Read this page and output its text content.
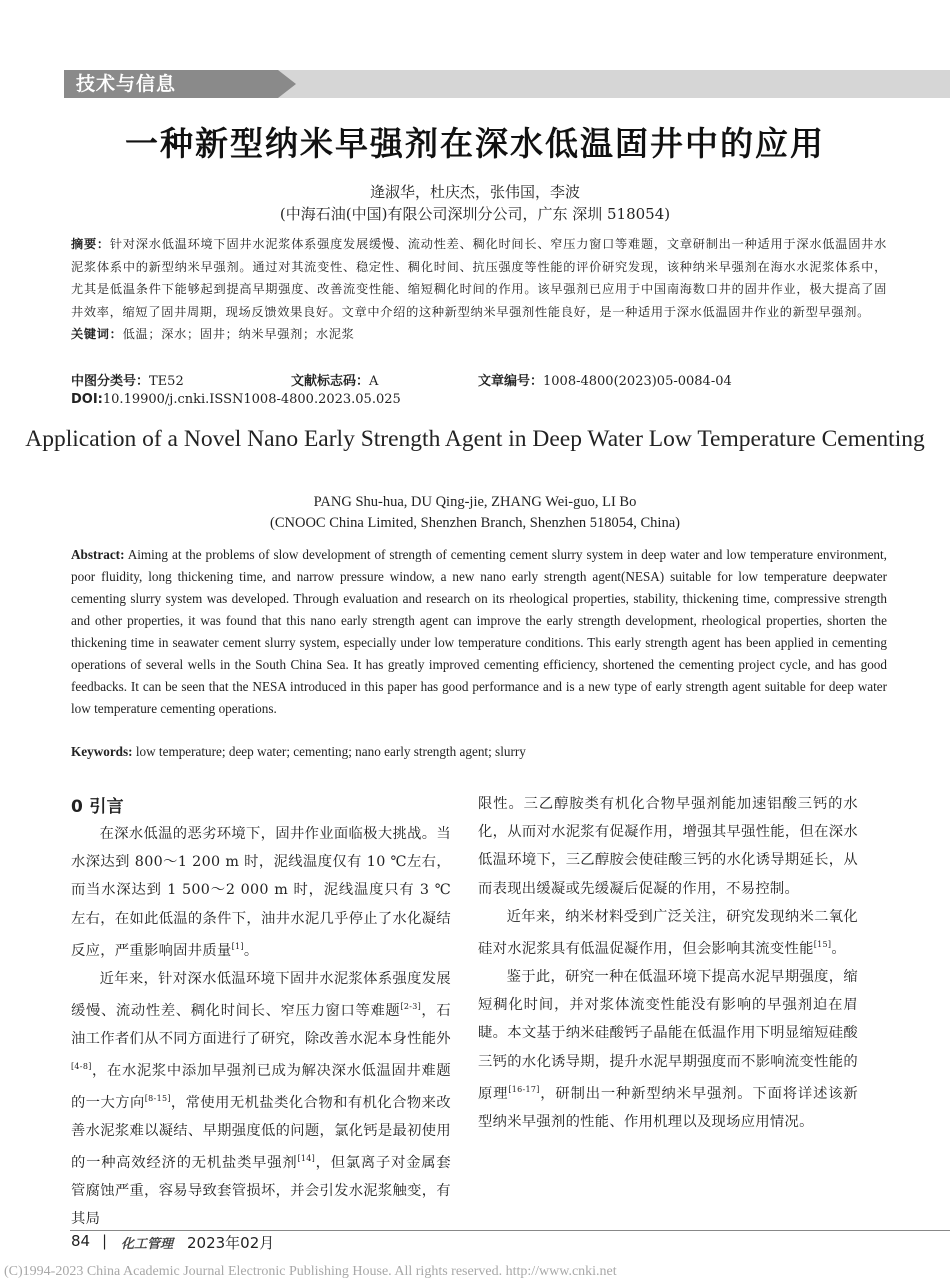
技术与信息
一种新型纳米早强剂在深水低温固井中的应用
逄淑华，杜庆杰，张伟国，李波
(中海石油(中国)有限公司深圳分公司，广东 深圳 518054)
摘要：针对深水低温环境下固井水泥浆体系强度发展缓慢、流动性差、稠化时间长、窄压力窗口等难题，文章研制出一种适用于深水低温固井水泥浆体系中的新型纳米早强剂。通过对其流变性、稳定性、稠化时间、抗压强度等性能的评价研究发现，该种纳米早强剂在海水水泥浆体系中，尤其是低温条件下能够起到提高早期强度、改善流变性能、缩短稠化时间的作用。该早强剂已应用于中国南海数口井的固井作业，极大提高了固井效率，缩短了固井周期，现场反馈效果良好。文章中介绍的这种新型纳米早强剂性能良好，是一种适用于深水低温固井作业的新型早强剂。
关键词：低温；深水；固井；纳米早强剂；水泥浆
中图分类号：TE52	文献标志码：A	文章编号：1008-4800(2023)05-0084-04
DOI:10.19900/j.cnki.ISSN1008-4800.2023.05.025
Application of a Novel Nano Early Strength Agent in Deep Water Low Temperature Cementing
PANG Shu-hua, DU Qing-jie, ZHANG Wei-guo, LI Bo
(CNOOC China Limited, Shenzhen Branch, Shenzhen 518054, China)
Abstract: Aiming at the problems of slow development of strength of cementing cement slurry system in deep water and low temperature environment, poor fluidity, long thickening time, and narrow pressure window, a new nano early strength agent(NESA) suitable for low temperature deepwater cementing slurry system was developed. Through evaluation and research on its rheological properties, stability, thickening time, compressive strength and other properties, it was found that this nano early strength agent can improve the early strength development, rheological properties, shorten the thickening time in seawater cement slurry system, especially under low temperature conditions. This early strength agent has been applied in cementing operations of several wells in the South China Sea. It has greatly improved cementing efficiency, shortened the cementing project cycle, and has good feedbacks. It can be seen that the NESA introduced in this paper has good performance and is a new type of early strength agent suitable for deep water low temperature cementing operations.
Keywords: low temperature; deep water; cementing; nano early strength agent; slurry

0 引言

在深水低温的恶劣环境下，固井作业面临极大挑战。当水深达到 800～1 200 m 时，泥线温度仅有 10 ℃左右，而当水深达到 1 500～2 000 m 时，泥线温度只有 3 ℃左右，在如此低温的条件下，油井水泥几乎停止了水化凝结反应，严重影响固井质量[1]。

近年来，针对深水低温环境下固井水泥浆体系强度发展缓慢、流动性差、稠化时间长、窄压力窗口等难题[2-3]，石油工作者们从不同方面进行了研究，除改善水泥本身性能外[4-8]，在水泥浆中添加早强剂已成为解决深水低温固井难题的一大方向[8-15]，常使用无机盐类化合物和有机化合物来改善水泥浆难以凝结、早期强度低的问题，氯化钙是最初使用的一种高效经济的无机盐类早强剂[14]，但氯离子对金属套管腐蚀严重，容易导致套管损坏，并会引发水泥浆触变，有其局

限性。三乙醇胺类有机化合物早强剂能加速铝酸三钙的水化，从而对水泥浆有促凝作用，增强其早强性能，但在深水低温环境下，三乙醇胺会使硅酸三钙的水化诱导期延长，从而表现出缓凝或先缓凝后促凝的作用，不易控制。

近年来，纳米材料受到广泛关注，研究发现纳米二氧化硅对水泥浆具有低温促凝作用，但会影响其流变性能[15]。

鉴于此，研究一种在低温环境下提高水泥早期强度，缩短稠化时间，并对浆体流变性能没有影响的早强剂迫在眉睫。本文基于纳米硅酸钙子晶能在低温作用下明显缩短硅酸三钙的水化诱导期，提升水泥早期强度而不影响流变性能的原理[16-17]，研制出一种新型纳米早强剂。下面将详述该新型纳米早强剂的性能、作用机理以及现场应用情况。

84 | 化工管理 2023年02月
(C)1994-2023 China Academic Journal Electronic Publishing House. All rights reserved. http://www.cnki.net
